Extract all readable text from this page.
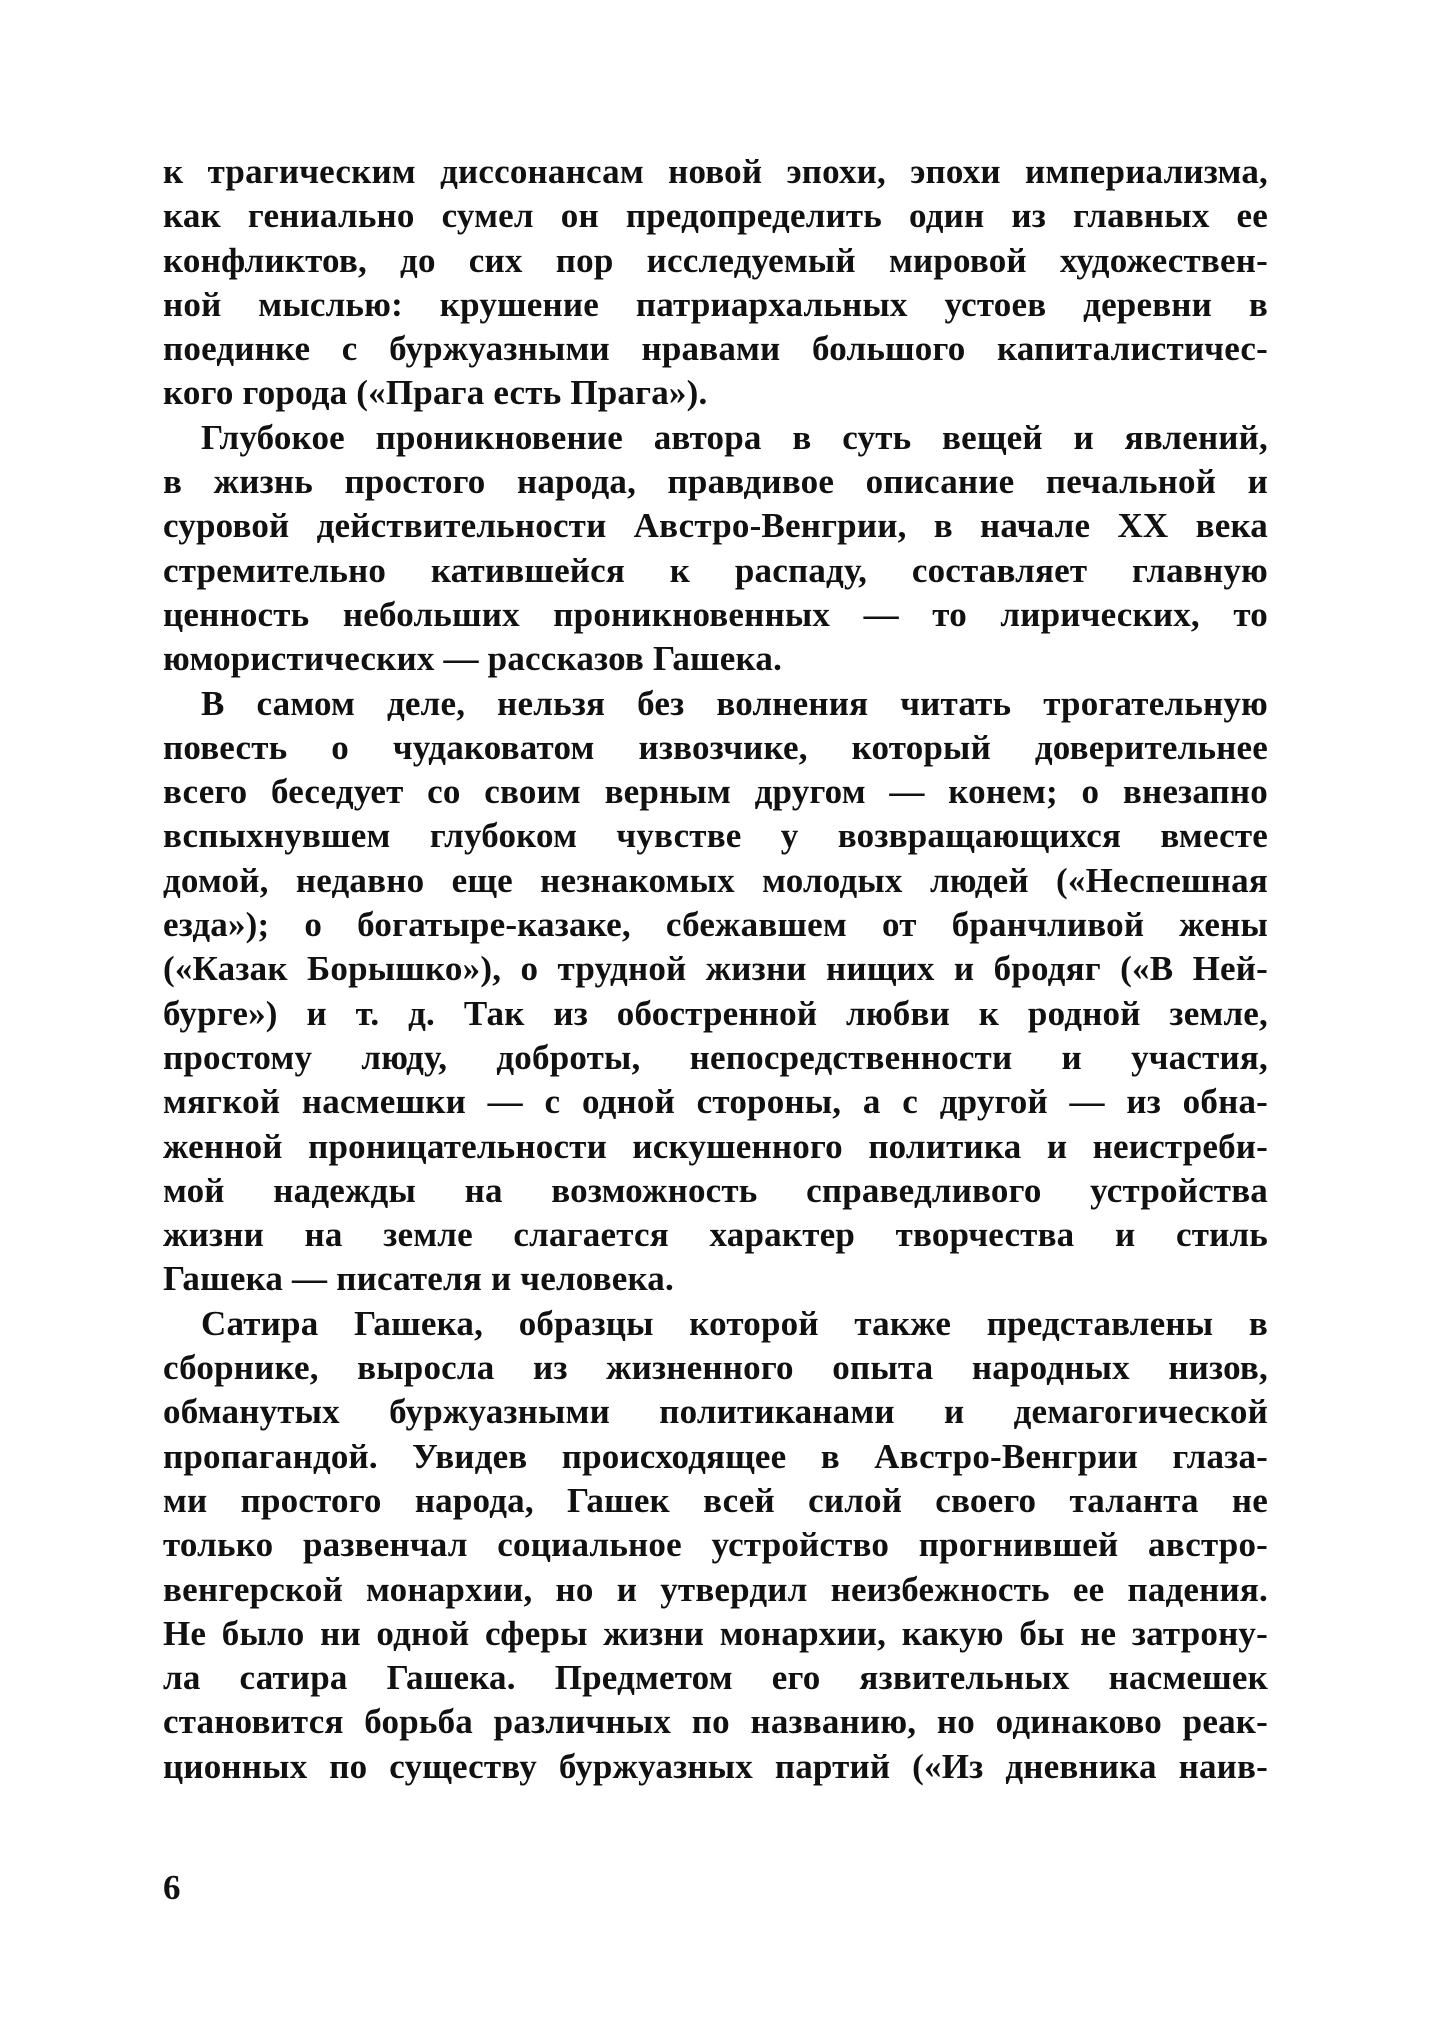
к трагическим диссонансам новой эпохи, эпохи империализма,
как гениально сумел он предопределить один из главных ее
конфликтов, до сих пор исследуемый мировой художествен-
ной мыслью: крушение патриархальных устоев деревни в
поединке с буржуазными нравами большого капиталистичес-
кого города («Прага есть Прага»).
Глубокое проникновение автора в суть вещей и явлений,
в жизнь простого народа, правдивое описание печальной и
суровой действительности Австро-Венгрии, в начале XX века
стремительно катившейся к распаду, составляет главную
ценность небольших проникновенных — то лирических, то
юмористических — рассказов Гашека.
В самом деле, нельзя без волнения читать трогательную
повесть о чудаковатом извозчике, который доверительнее
всего беседует со своим верным другом — конем; о внезапно
вспыхнувшем глубоком чувстве у возвращающихся вместе
домой, недавно еще незнакомых молодых людей («Неспешная
езда»); о богатыре-казаке, сбежавшем от бранчливой жены
(«Казак Борышко»), о трудной жизни нищих и бродяг («В Ней-
бурге») и т. д. Так из обостренной любви к родной земле,
простому люду, доброты, непосредственности и участия,
мягкой насмешки — с одной стороны, а с другой — из обна-
женной проницательности искушенного политика и неистреби-
мой надежды на возможность справедливого устройства
жизни на земле слагается характер творчества и стиль
Гашека — писателя и человека.
Сатира Гашека, образцы которой также представлены в
сборнике, выросла из жизненного опыта народных низов,
обманутых буржуазными политиканами и демагогической
пропагандой. Увидев происходящее в Австро-Венгрии глаза-
ми простого народа, Гашек всей силой своего таланта не
только развенчал социальное устройство прогнившей австро-
венгерской монархии, но и утвердил неизбежность ее падения.
Не было ни одной сферы жизни монархии, какую бы не затрону-
ла сатира Гашека. Предметом его язвительных насмешек
становится борьба различных по названию, но одинаково реак-
ционных по существу буржуазных партий («Из дневника наив-
6
